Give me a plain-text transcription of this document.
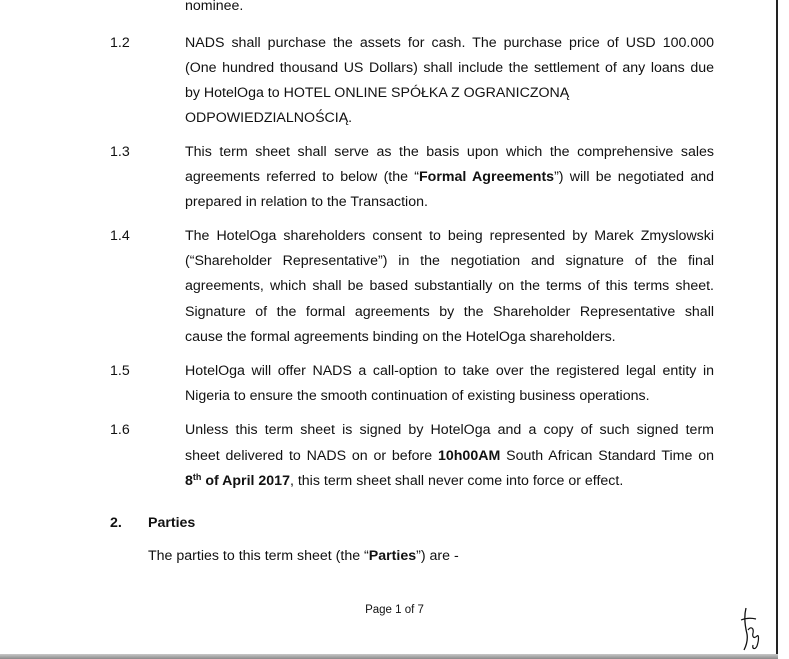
nominee.
1.2	NADS shall purchase the assets for cash. The purchase price of USD 100.000
(One hundred thousand US Dollars) shall include the settlement of any loans due
by HotelOga to HOTEL ONLINE SPÓŁKA Z OGRANICZONĄ
ODPOWIEDZIALNOŚCIĄ.
1.3	This term sheet shall serve as the basis upon which the comprehensive sales
agreements referred to below (the “Formal Agreements”) will be negotiated and
prepared in relation to the Transaction.
1.4	The HotelOga shareholders consent to being represented by Marek Zmyslowski
(“Shareholder Representative”) in the negotiation and signature of the final
agreements, which shall be based substantially on the terms of this terms sheet.
Signature of the formal agreements by the Shareholder Representative shall
cause the formal agreements binding on the HotelOga shareholders.
1.5	HotelOga will offer NADS a call-option to take over the registered legal entity in
Nigeria to ensure the smooth continuation of existing business operations.
1.6	Unless this term sheet is signed by HotelOga and a copy of such signed term
sheet delivered to NADS on or before 10h00AM South African Standard Time on
8th of April 2017, this term sheet shall never come into force or effect.
2. Parties
The parties to this term sheet (the “Parties”) are -
Page 1 of 7
